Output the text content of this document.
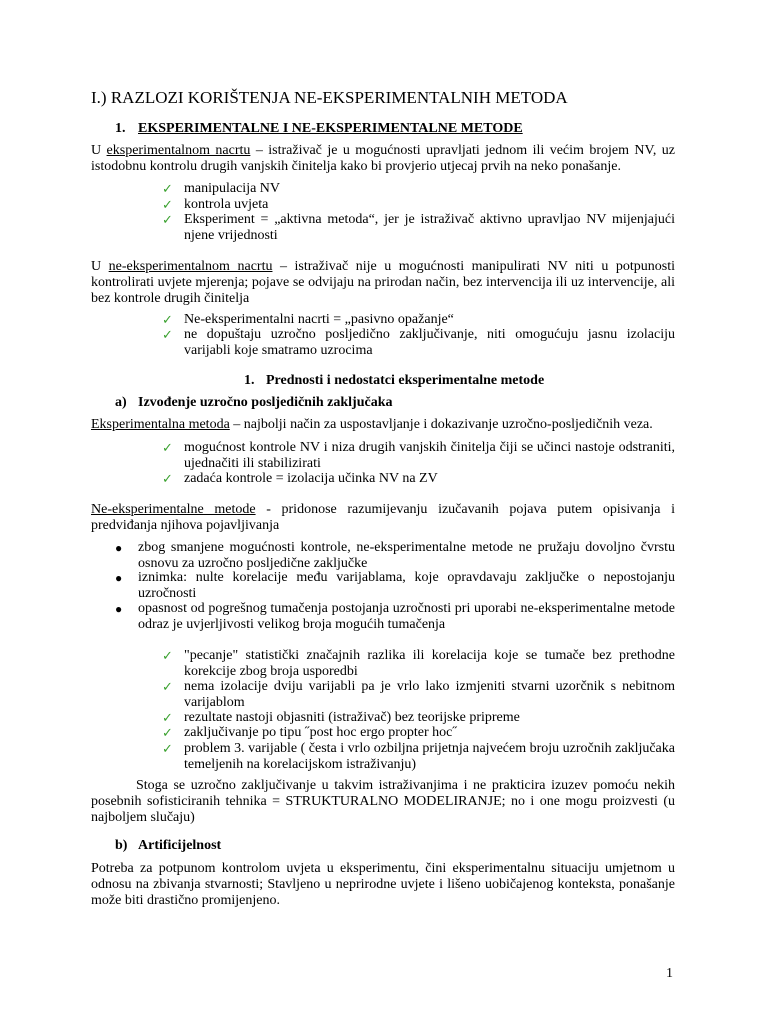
I.) RAZLOZI KORIŠTENJA NE-EKSPERIMENTALNIH METODA
1. EKSPERIMENTALNE I NE-EKSPERIMENTALNE METODE

U eksperimentalnom nacrtu – istraživač je u mogućnosti upravljati jednom ili većim brojem NV, uz istodobnu kontrolu drugih vanjskih činitelja kako bi provjerio utjecaj prvih na neko ponašanje.

✓ manipulacija NV
✓ kontrola uvjeta
✓ Eksperiment = „aktivna metoda“, jer je istraživač aktivno upravljao NV mijenjajući njene vrijednosti

U ne-eksperimentalnom nacrtu – istraživač nije u mogućnosti manipulirati NV niti u potpunosti kontrolirati uvjete mjerenja; pojave se odvijaju na prirodan način, bez intervencija ili uz intervencije, ali bez kontrole drugih činitelja

✓ Ne-eksperimentalni nacrti = „pasivno opažanje“
✓ ne dopuštaju uzročno posljedično zaključivanje, niti omogućuju jasnu izolaciju varijabli koje smatramo uzrocima
1. Prednosti i nedostatci eksperimentalne metode
a) Izvođenje uzročno posljedičnih zaključaka

Eksperimentalna metoda – najbolji način za uspostavljanje i dokazivanje uzročno-posljedičnih veza.

✓ mogućnost kontrole NV i niza drugih vanjskih činitelja čiji se učinci nastoje odstraniti, ujednačiti ili stabilizirati
✓ zadaća kontrole = izolacija učinka NV na ZV

Ne-eksperimentalne metode - pridonose razumijevanju izučavanih pojava putem opisivanja i predviđanja njihova pojavljivanja

● zbog smanjene mogućnosti kontrole, ne-eksperimentalne metode ne pružaju dovoljno čvrstu osnovu za uzročno posljedične zaključke
● iznimka: nulte korelacije među varijablama, koje opravdavaju zaključke o nepostojanju uzročnosti
● opasnost od pogrešnog tumačenja postojanja uzročnosti pri uporabi ne-eksperimentalne metode odraz je uvjerljivosti velikog broja mogućih tumačenja
✓ "pecanje" statistički značajnih razlika ili korelacija koje se tumače bez prethodne korekcije zbog broja usporedbi
✓ nema izolacije dviju varijabli pa je vrlo lako izmjeniti stvarni uzorčnik s nebitnom varijablom
✓ rezultate nastoji objasniti (istraživač) bez teorijske pripreme
✓ zaključivanje po tipu ˝post hoc ergo propter hoc˝
✓ problem 3. varijable ( česta i vrlo ozbiljna prijetnja najvećem broju uzročnih zaključaka temeljenih na korelacijskom istraživanju)

Stoga se uzročno zaključivanje u takvim istraživanjima i ne prakticira izuzev pomoću nekih posebnih sofisticiranih tehnika = STRUKTURALNO MODELIRANJE; no i one mogu proizvesti (u najboljem slučaju)

b) Artificijelnost

Potreba za potpunom kontrolom uvjeta u eksperimentu, čini eksperimentalnu situaciju umjetnom u odnosu na zbivanja stvarnosti; Stavljeno u neprirodne uvjete i lišeno uobičajenog konteksta, ponašanje može biti drastično promijenjeno.

1
